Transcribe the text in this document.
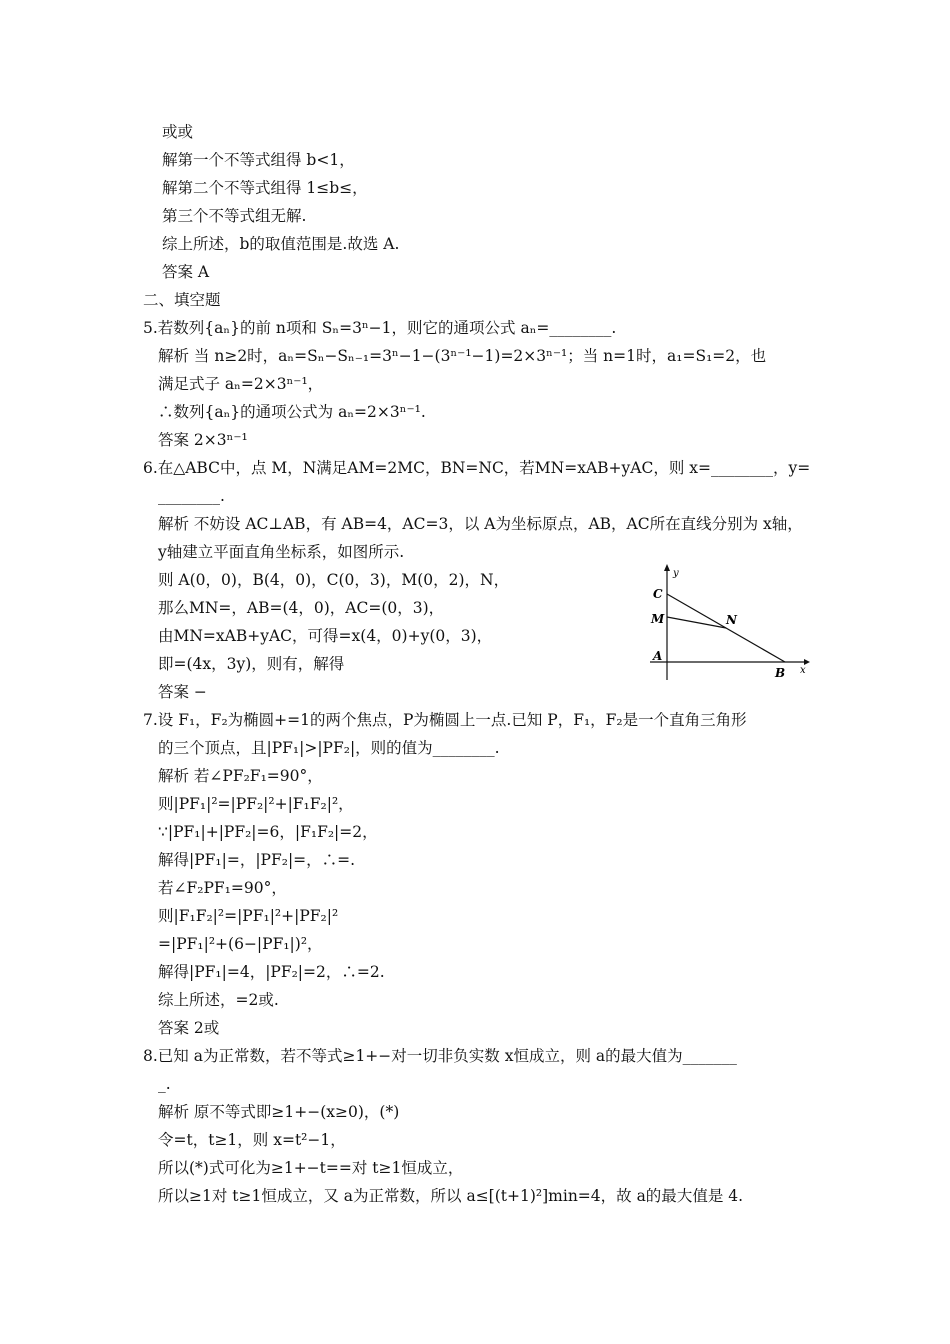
或或
解第一个不等式组得 b<1，
解第二个不等式组得 1≤b≤，
第三个不等式组无解.
综上所述，b的取值范围是.故选 A.
答案 A
二、填空题
5.若数列{aₙ}的前 n项和 Sₙ=3ⁿ−1，则它的通项公式 aₙ=________.
解析 当 n≥2时，aₙ=Sₙ−Sₙ₋₁=3ⁿ−1−(3ⁿ⁻¹−1)=2×3ⁿ⁻¹；当 n=1时，a₁=S₁=2，也
满足式子 aₙ=2×3ⁿ⁻¹，
∴数列{aₙ}的通项公式为 aₙ=2×3ⁿ⁻¹.
答案 2×3ⁿ⁻¹
6.在△ABC中，点 M，N满足AM=2MC，BN=NC，若MN=xAB+yAC，则 x=________，y=
________.
解析 不妨设 AC⊥AB，有 AB=4，AC=3，以 A为坐标原点，AB，AC所在直线分别为 x轴，
y轴建立平面直角坐标系，如图所示.
则 A(0，0)，B(4，0)，C(0，3)，M(0，2)，N，
那么MN=，AB=(4，0)，AC=(0，3)，
由MN=xAB+yAC，可得=x(4，0)+y(0，3)，
即=(4x，3y)，则有，解得
答案 −
7.设 F₁，F₂为椭圆+=1的两个焦点，P为椭圆上一点.已知 P，F₁，F₂是一个直角三角形
的三个顶点，且|PF₁|>|PF₂|，则的值为________.
解析 若∠PF₂F₁=90°，
则|PF₁|²=|PF₂|²+|F₁F₂|²，
∵|PF₁|+|PF₂|=6，|F₁F₂|=2，
解得|PF₁|=，|PF₂|=，∴=.
若∠F₂PF₁=90°，
则|F₁F₂|²=|PF₁|²+|PF₂|²
=|PF₁|²+(6−|PF₁|)²，
解得|PF₁|=4，|PF₂|=2，∴=2.
综上所述，=2或.
答案 2或
8.已知 a为正常数，若不等式≥1+−对一切非负实数 x恒成立，则 a的最大值为_______
_.
解析 原不等式即≥1+−(x≥0)，(*)
令=t，t≥1，则 x=t²−1，
所以(*)式可化为≥1+−t==对 t≥1恒成立，
所以≥1对 t≥1恒成立，又 a为正常数，所以 a≤[(t+1)²]min=4，故 a的最大值是 4.
y
x
C
M	N
A
B
